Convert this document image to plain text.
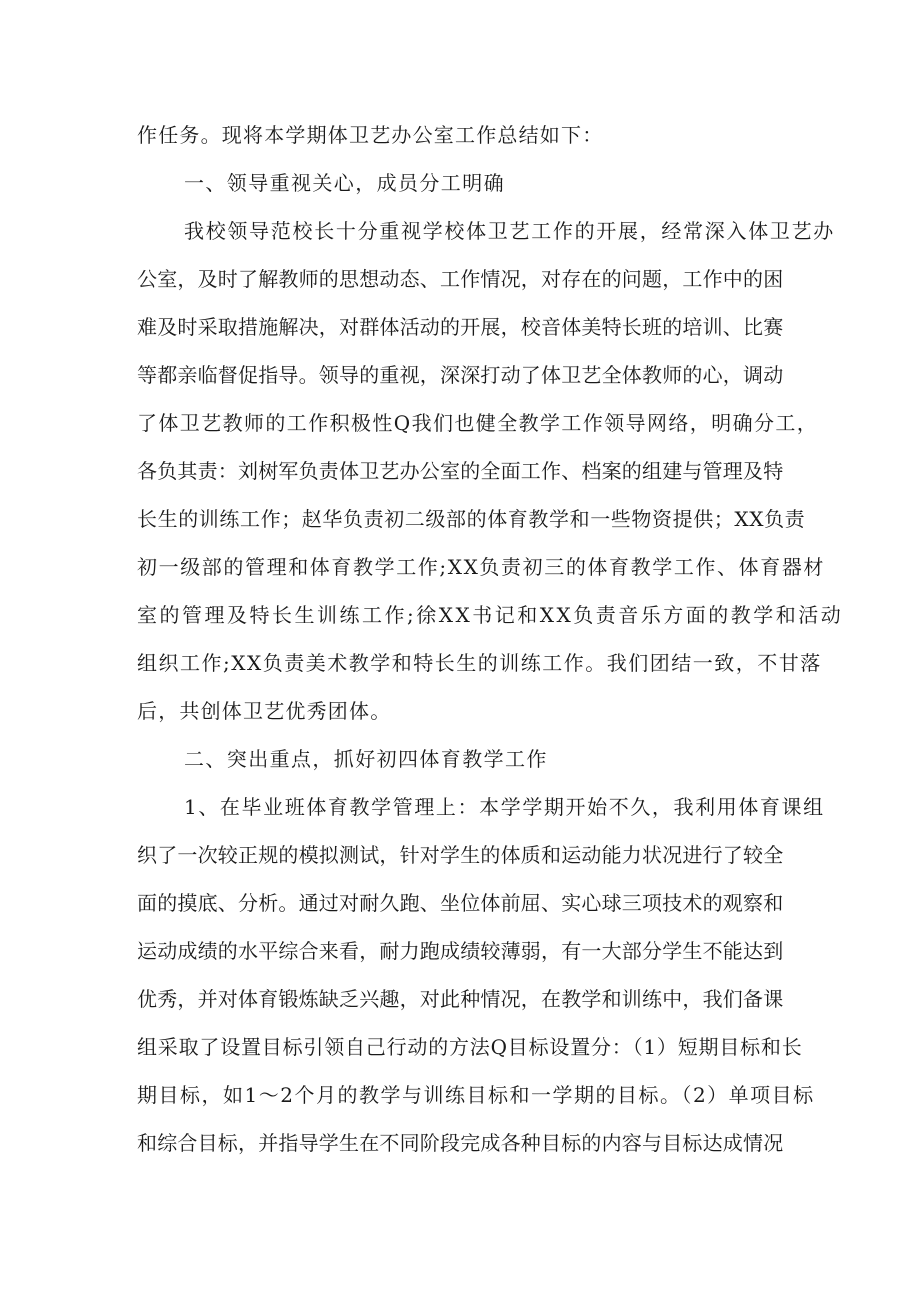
作任务。现将本学期体卫艺办公室工作总结如下：
一、领导重视关心，成员分工明确
我校领导范校长十分重视学校体卫艺工作的开展，经常深入体卫艺办
公室，及时了解教师的思想动态、工作情况，对存在的问题，工作中的困
难及时采取措施解决，对群体活动的开展，校音体美特长班的培训、比赛
等都亲临督促指导。领导的重视，深深打动了体卫艺全体教师的心，调动
了体卫艺教师的工作积极性Q我们也健全教学工作领导网络，明确分工，
各负其责：刘树军负责体卫艺办公室的全面工作、档案的组建与管理及特
长生的训练工作；赵华负责初二级部的体育教学和一些物资提供；XX负责
初一级部的管理和体育教学工作;XX负责初三的体育教学工作、体育器材
室的管理及特长生训练工作;徐XX书记和XX负责音乐方面的教学和活动
组织工作;XX负责美术教学和特长生的训练工作。我们团结一致，不甘落
后，共创体卫艺优秀团体。
二、突出重点，抓好初四体育教学工作
1、在毕业班体育教学管理上：本学学期开始不久，我利用体育课组
织了一次较正规的模拟测试，针对学生的体质和运动能力状况进行了较全
面的摸底、分析。通过对耐久跑、坐位体前屈、实心球三项技术的观察和
运动成绩的水平综合来看，耐力跑成绩较薄弱，有一大部分学生不能达到
优秀，并对体育锻炼缺乏兴趣，对此种情况，在教学和训练中，我们备课
组采取了设置目标引领自己行动的方法Q目标设置分：（1）短期目标和长
期目标，如1～2个月的教学与训练目标和一学期的目标。（2）单项目标
和综合目标，并指导学生在不同阶段完成各种目标的内容与目标达成情况
